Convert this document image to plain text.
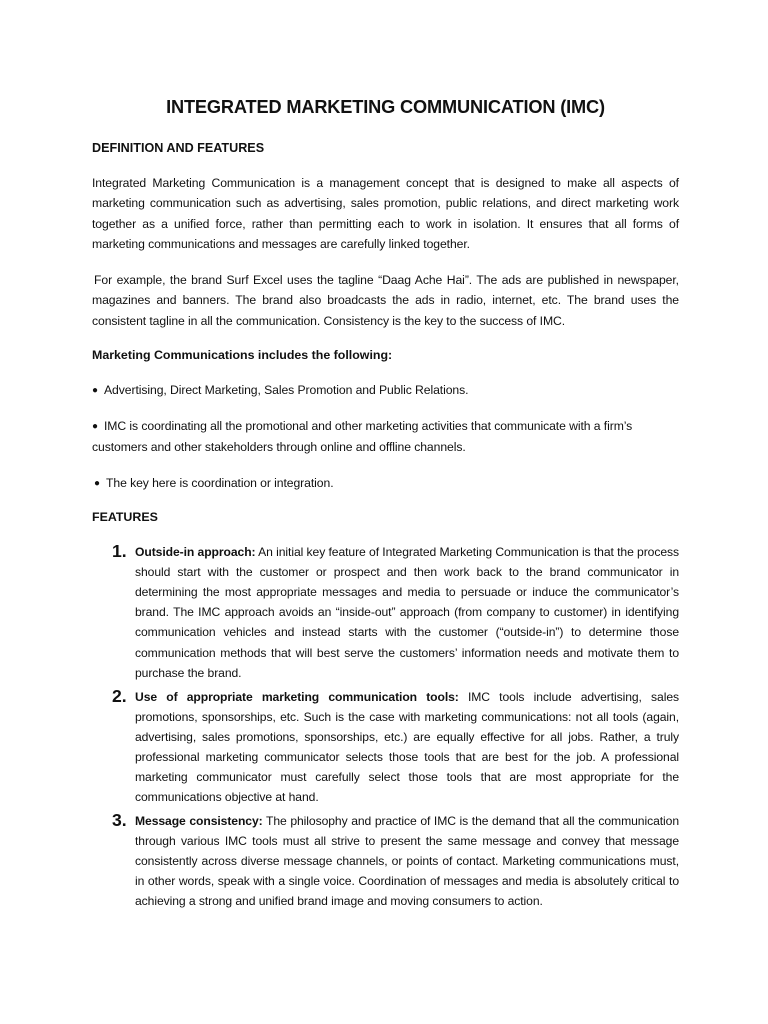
INTEGRATED MARKETING COMMUNICATION (IMC)
DEFINITION AND FEATURES

Integrated Marketing Communication is a management concept that is designed to make all aspects of marketing communication such as advertising, sales promotion, public relations, and direct marketing work together as a unified force, rather than permitting each to work in isolation. It ensures that all forms of marketing communications and messages are carefully linked together.

For example, the brand Surf Excel uses the tagline “Daag Ache Hai”. The ads are published in newspaper, magazines and banners. The brand also broadcasts the ads in radio, internet, etc. The brand uses the consistent tagline in all the communication. Consistency is the key to the success of IMC.

Marketing Communications includes the following:

● Advertising, Direct Marketing, Sales Promotion and Public Relations.

● IMC is coordinating all the promotional and other marketing activities that communicate with a firm’s customers and other stakeholders through online and offline channels.

● The key here is coordination or integration.

FEATURES
1. Outside-in approach: An initial key feature of Integrated Marketing Communication is that the process should start with the customer or prospect and then work back to the brand communicator in determining the most appropriate messages and media to persuade or induce the communicator’s brand. The IMC approach avoids an “inside-out” approach (from company to customer) in identifying communication vehicles and instead starts with the customer (“outside-in”) to determine those communication methods that will best serve the customers’ information needs and motivate them to purchase the brand.
2. Use of appropriate marketing communication tools: IMC tools include advertising, sales promotions, sponsorships, etc. Such is the case with marketing communications: not all tools (again, advertising, sales promotions, sponsorships, etc.) are equally effective for all jobs. Rather, a truly professional marketing communicator selects those tools that are best for the job. A professional marketing communicator must carefully select those tools that are most appropriate for the communications objective at hand.
3. Message consistency: The philosophy and practice of IMC is the demand that all the communication through various IMC tools must all strive to present the same message and convey that message consistently across diverse message channels, or points of contact. Marketing communications must, in other words, speak with a single voice. Coordination of messages and media is absolutely critical to achieving a strong and unified brand image and moving consumers to action.
